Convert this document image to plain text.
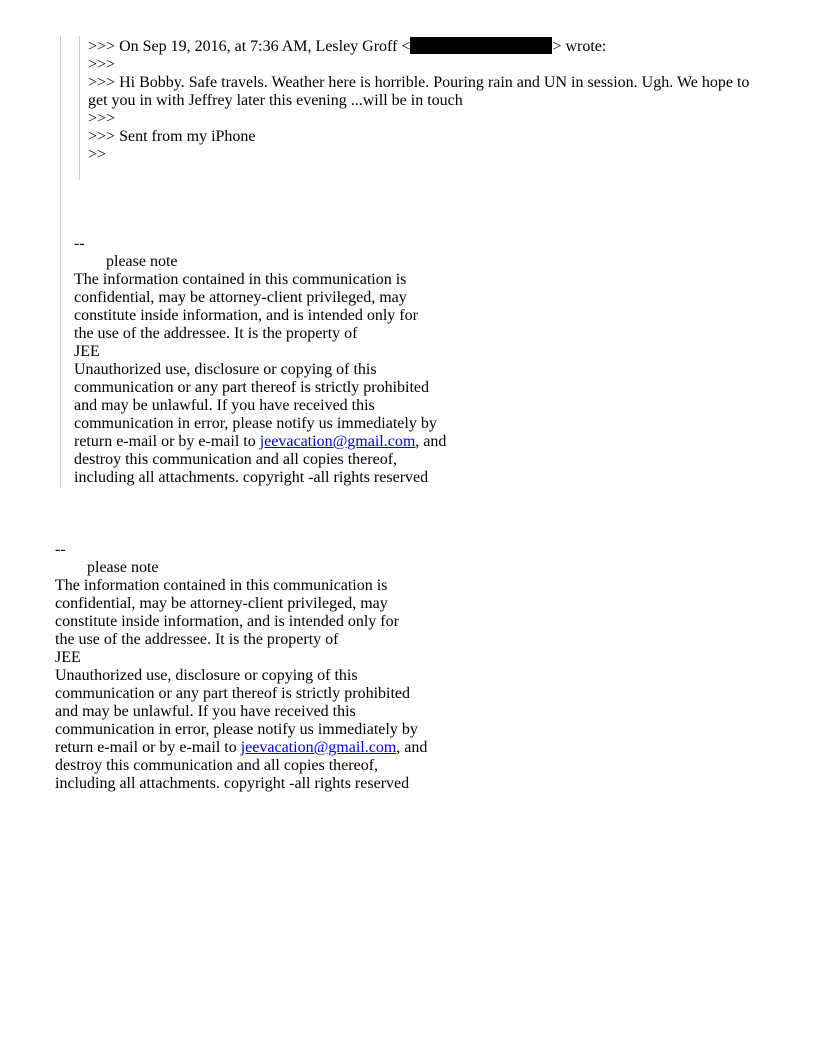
>>> On Sep 19, 2016, at 7:36 AM, Lesley Groff <	> wrote:
>>>
>>> Hi Bobby. Safe travels. Weather here is horrible. Pouring rain and UN in session. Ugh. We hope to
get you in with Jeffrey later this evening ...will be in touch
>>>
>>> Sent from my iPhone
>>
--
please note
The information contained in this communication is
confidential, may be attorney-client privileged, may
constitute inside information, and is intended only for
the use of the addressee. It is the property of
JEE
Unauthorized use, disclosure or copying of this
communication or any part thereof is strictly prohibited
and may be unlawful. If you have received this
communication in error, please notify us immediately by
return e-mail or by e-mail to jeevacation@gmail.com, and
destroy this communication and all copies thereof,
including all attachments. copyright -all rights reserved
--
please note
The information contained in this communication is
confidential, may be attorney-client privileged, may
constitute inside information, and is intended only for
the use of the addressee. It is the property of
JEE
Unauthorized use, disclosure or copying of this
communication or any part thereof is strictly prohibited
and may be unlawful. If you have received this
communication in error, please notify us immediately by
return e-mail or by e-mail to jeevacation@gmail.com, and
destroy this communication and all copies thereof,
including all attachments. copyright -all rights reserved
